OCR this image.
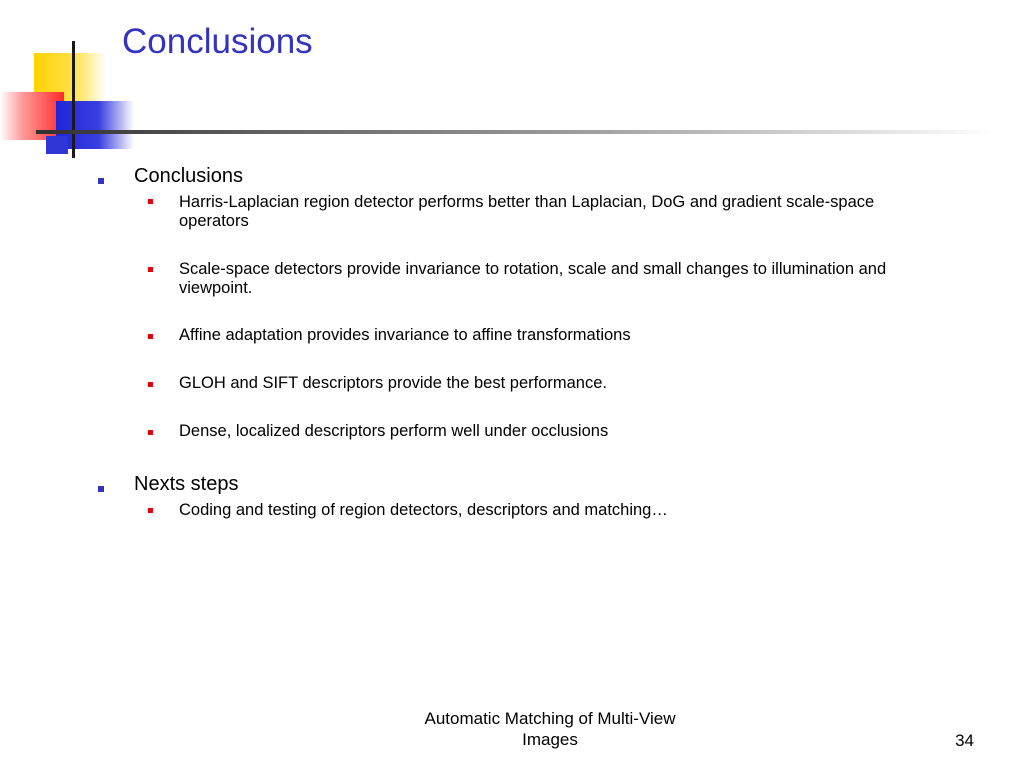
Conclusions
Conclusions
Harris-Laplacian region detector performs better than Laplacian, DoG and gradient scale-space operators
Scale-space detectors provide invariance to rotation, scale and small changes to illumination and viewpoint.
Affine adaptation provides invariance to affine transformations
GLOH and SIFT descriptors provide the best performance.
Dense, localized descriptors perform well under occlusions
Nexts steps
Coding and testing of region detectors, descriptors and matching…
Automatic Matching of Multi-View
Images	34
